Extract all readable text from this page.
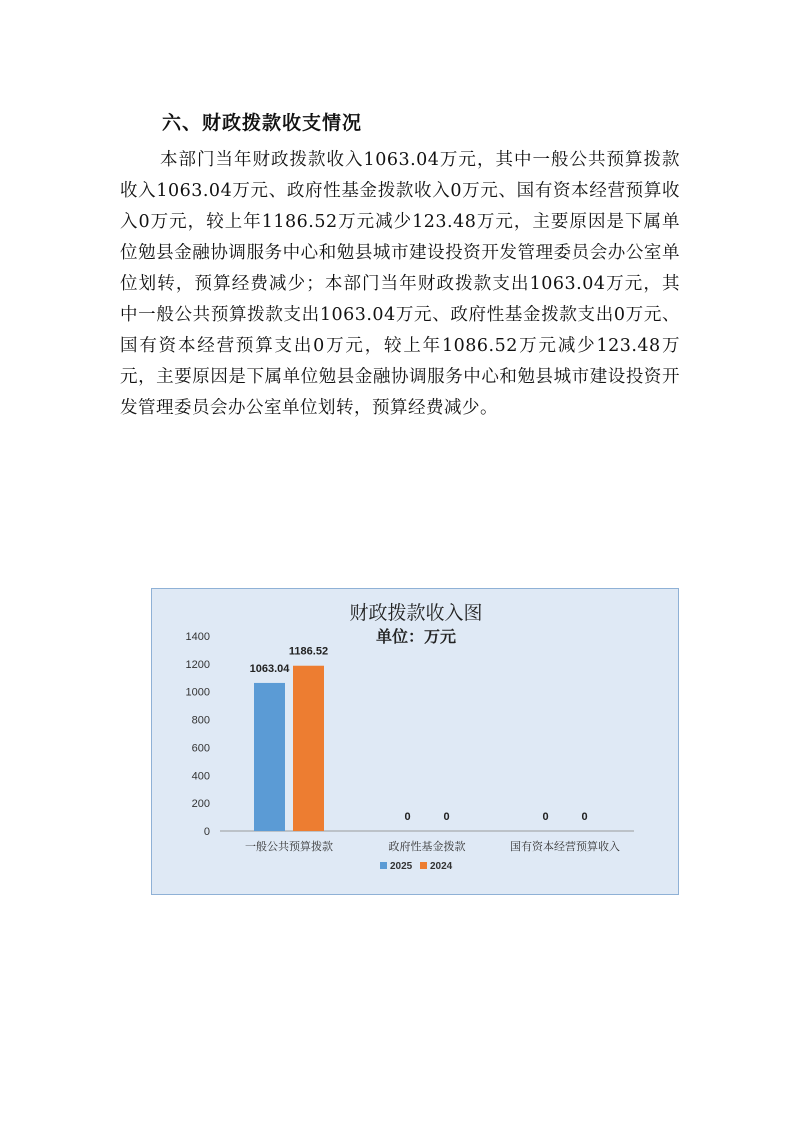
六、财政拨款收支情况

本部门当年财政拨款收入1063.04万元，其中一般公共预算拨款收入1063.04万元、政府性基金拨款收入0万元、国有资本经营预算收入0万元，较上年1186.52万元减少123.48万元，主要原因是下属单位勉县金融协调服务中心和勉县城市建设投资开发管理委员会办公室单位划转，预算经费减少；本部门当年财政拨款支出1063.04万元，其中一般公共预算拨款支出1063.04万元、政府性基金拨款支出0万元、国有资本经营预算支出0万元，较上年1086.52万元减少123.48万元，主要原因是下属单位勉县金融协调服务中心和勉县城市建设投资开发管理委员会办公室单位划转，预算经费减少。

财政拨款收入图
单位：万元
0
200
400
600
800
1000
1200
1400
一般公共预算拨款	政府性基金拨款	国有资本经营预算收入
1063.04
1186.52
0	0	0	0
2025 2024
